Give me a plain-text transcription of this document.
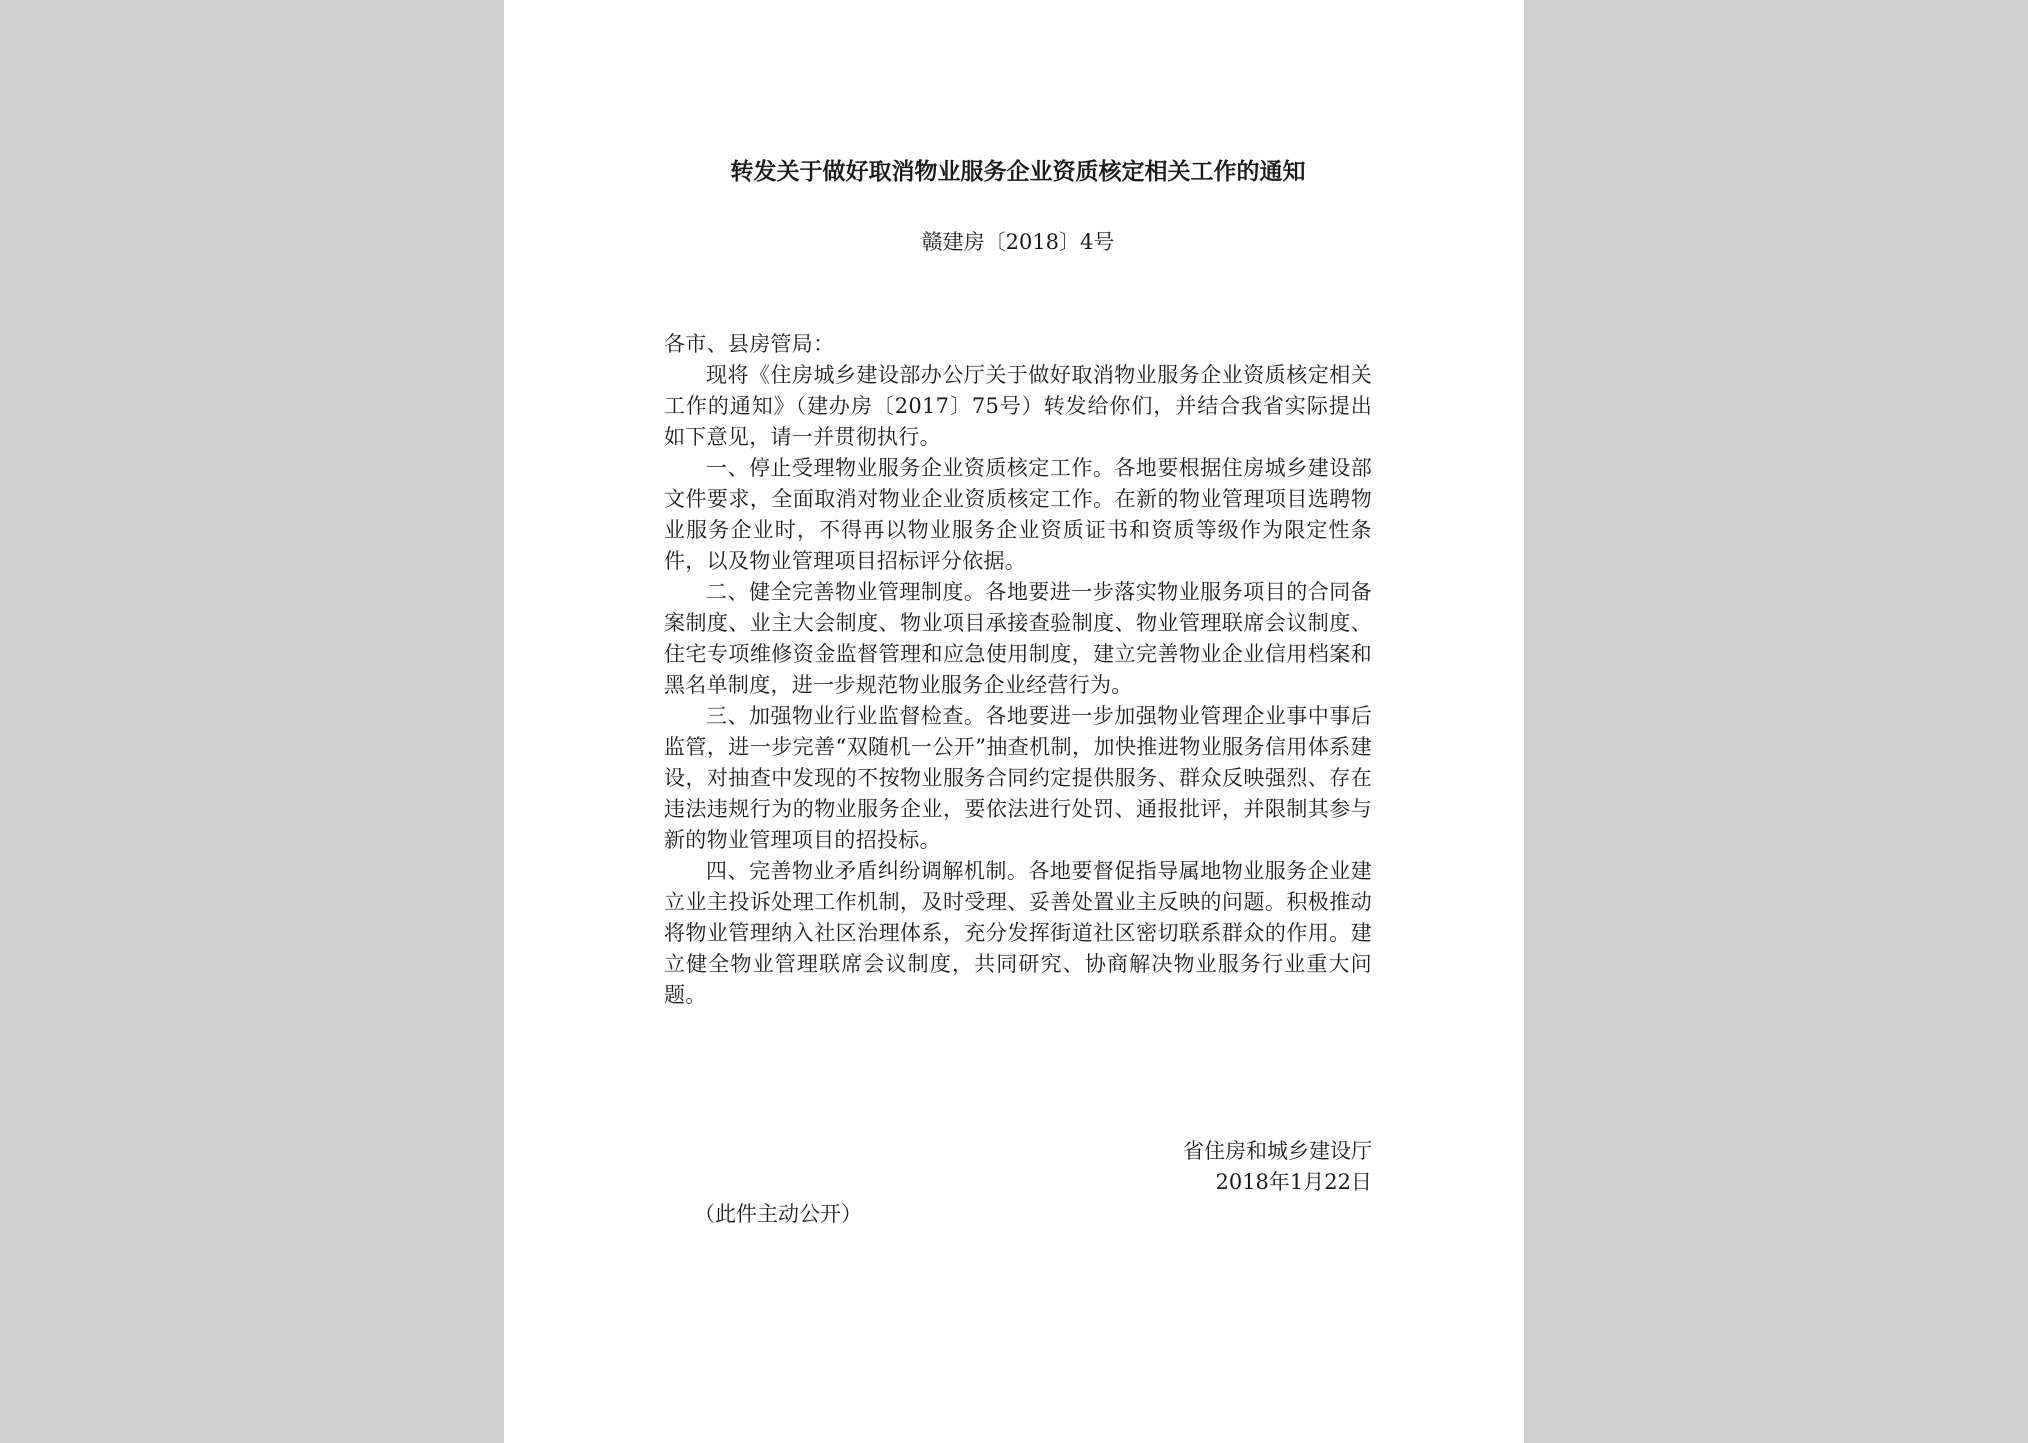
转发关于做好取消物业服务企业资质核定相关工作的通知
赣建房〔2018〕4号

各市、县房管局：

现将《住房城乡建设部办公厅关于做好取消物业服务企业资质核定相关工作的通知》（建办房〔2017〕75号）转发给你们，并结合我省实际提出如下意见，请一并贯彻执行。

一、停止受理物业服务企业资质核定工作。各地要根据住房城乡建设部文件要求，全面取消对物业企业资质核定工作。在新的物业管理项目选聘物业服务企业时，不得再以物业服务企业资质证书和资质等级作为限定性条件，以及物业管理项目招标评分依据。

二、健全完善物业管理制度。各地要进一步落实物业服务项目的合同备案制度、业主大会制度、物业项目承接查验制度、物业管理联席会议制度、住宅专项维修资金监督管理和应急使用制度，建立完善物业企业信用档案和黑名单制度，进一步规范物业服务企业经营行为。

三、加强物业行业监督检查。各地要进一步加强物业管理企业事中事后监管，进一步完善“双随机一公开”抽查机制，加快推进物业服务信用体系建设，对抽查中发现的不按物业服务合同约定提供服务、群众反映强烈、存在违法违规行为的物业服务企业，要依法进行处罚、通报批评，并限制其参与新的物业管理项目的招投标。

四、完善物业矛盾纠纷调解机制。各地要督促指导属地物业服务企业建立业主投诉处理工作机制，及时受理、妥善处置业主反映的问题。积极推动将物业管理纳入社区治理体系，充分发挥街道社区密切联系群众的作用。建立健全物业管理联席会议制度，共同研究、协商解决物业服务行业重大问题。

省住房和城乡建设厅
2018年1月22日
（此件主动公开）
